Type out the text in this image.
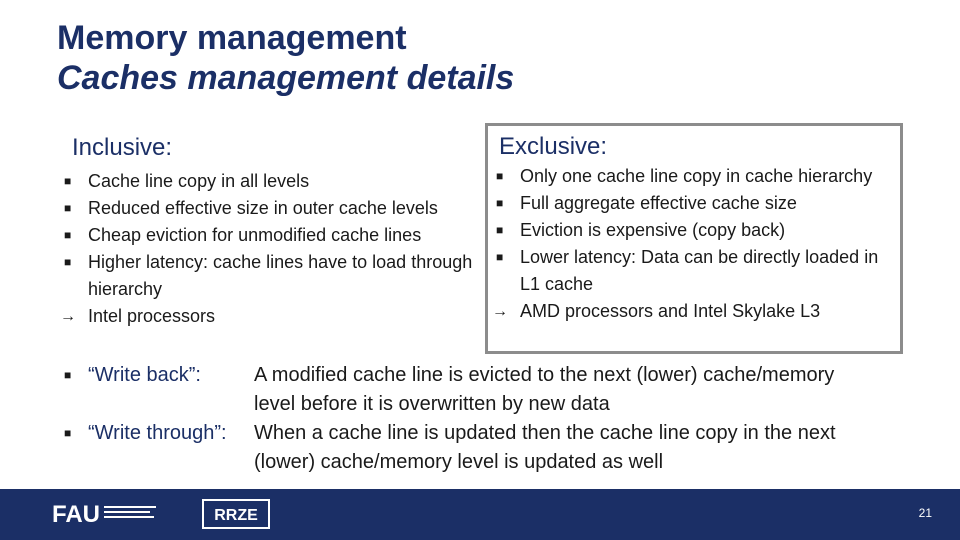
Memory management
Caches management details
Inclusive:	Exclusive:
■ Cache line copy in all levels
■ Reduced effective size in outer cache levels
■ Cheap eviction for unmodified cache lines
■ Higher latency: cache lines have to load through hierarchy
→ Intel processors
■ Only one cache line copy in cache hierarchy
■ Full aggregate effective cache size
■ Eviction is expensive (copy back)
■ Lower latency: Data can be directly loaded in L1 cache
→ AMD processors and Intel Skylake L3
■ “Write back”:	A modified cache line is evicted to the next (lower) cache/memory
level before it is overwritten by new data
■ “Write through”:	When a cache line is updated then the cache line copy in the next
(lower) cache/memory level is updated as well
FAU	RRZE	21
